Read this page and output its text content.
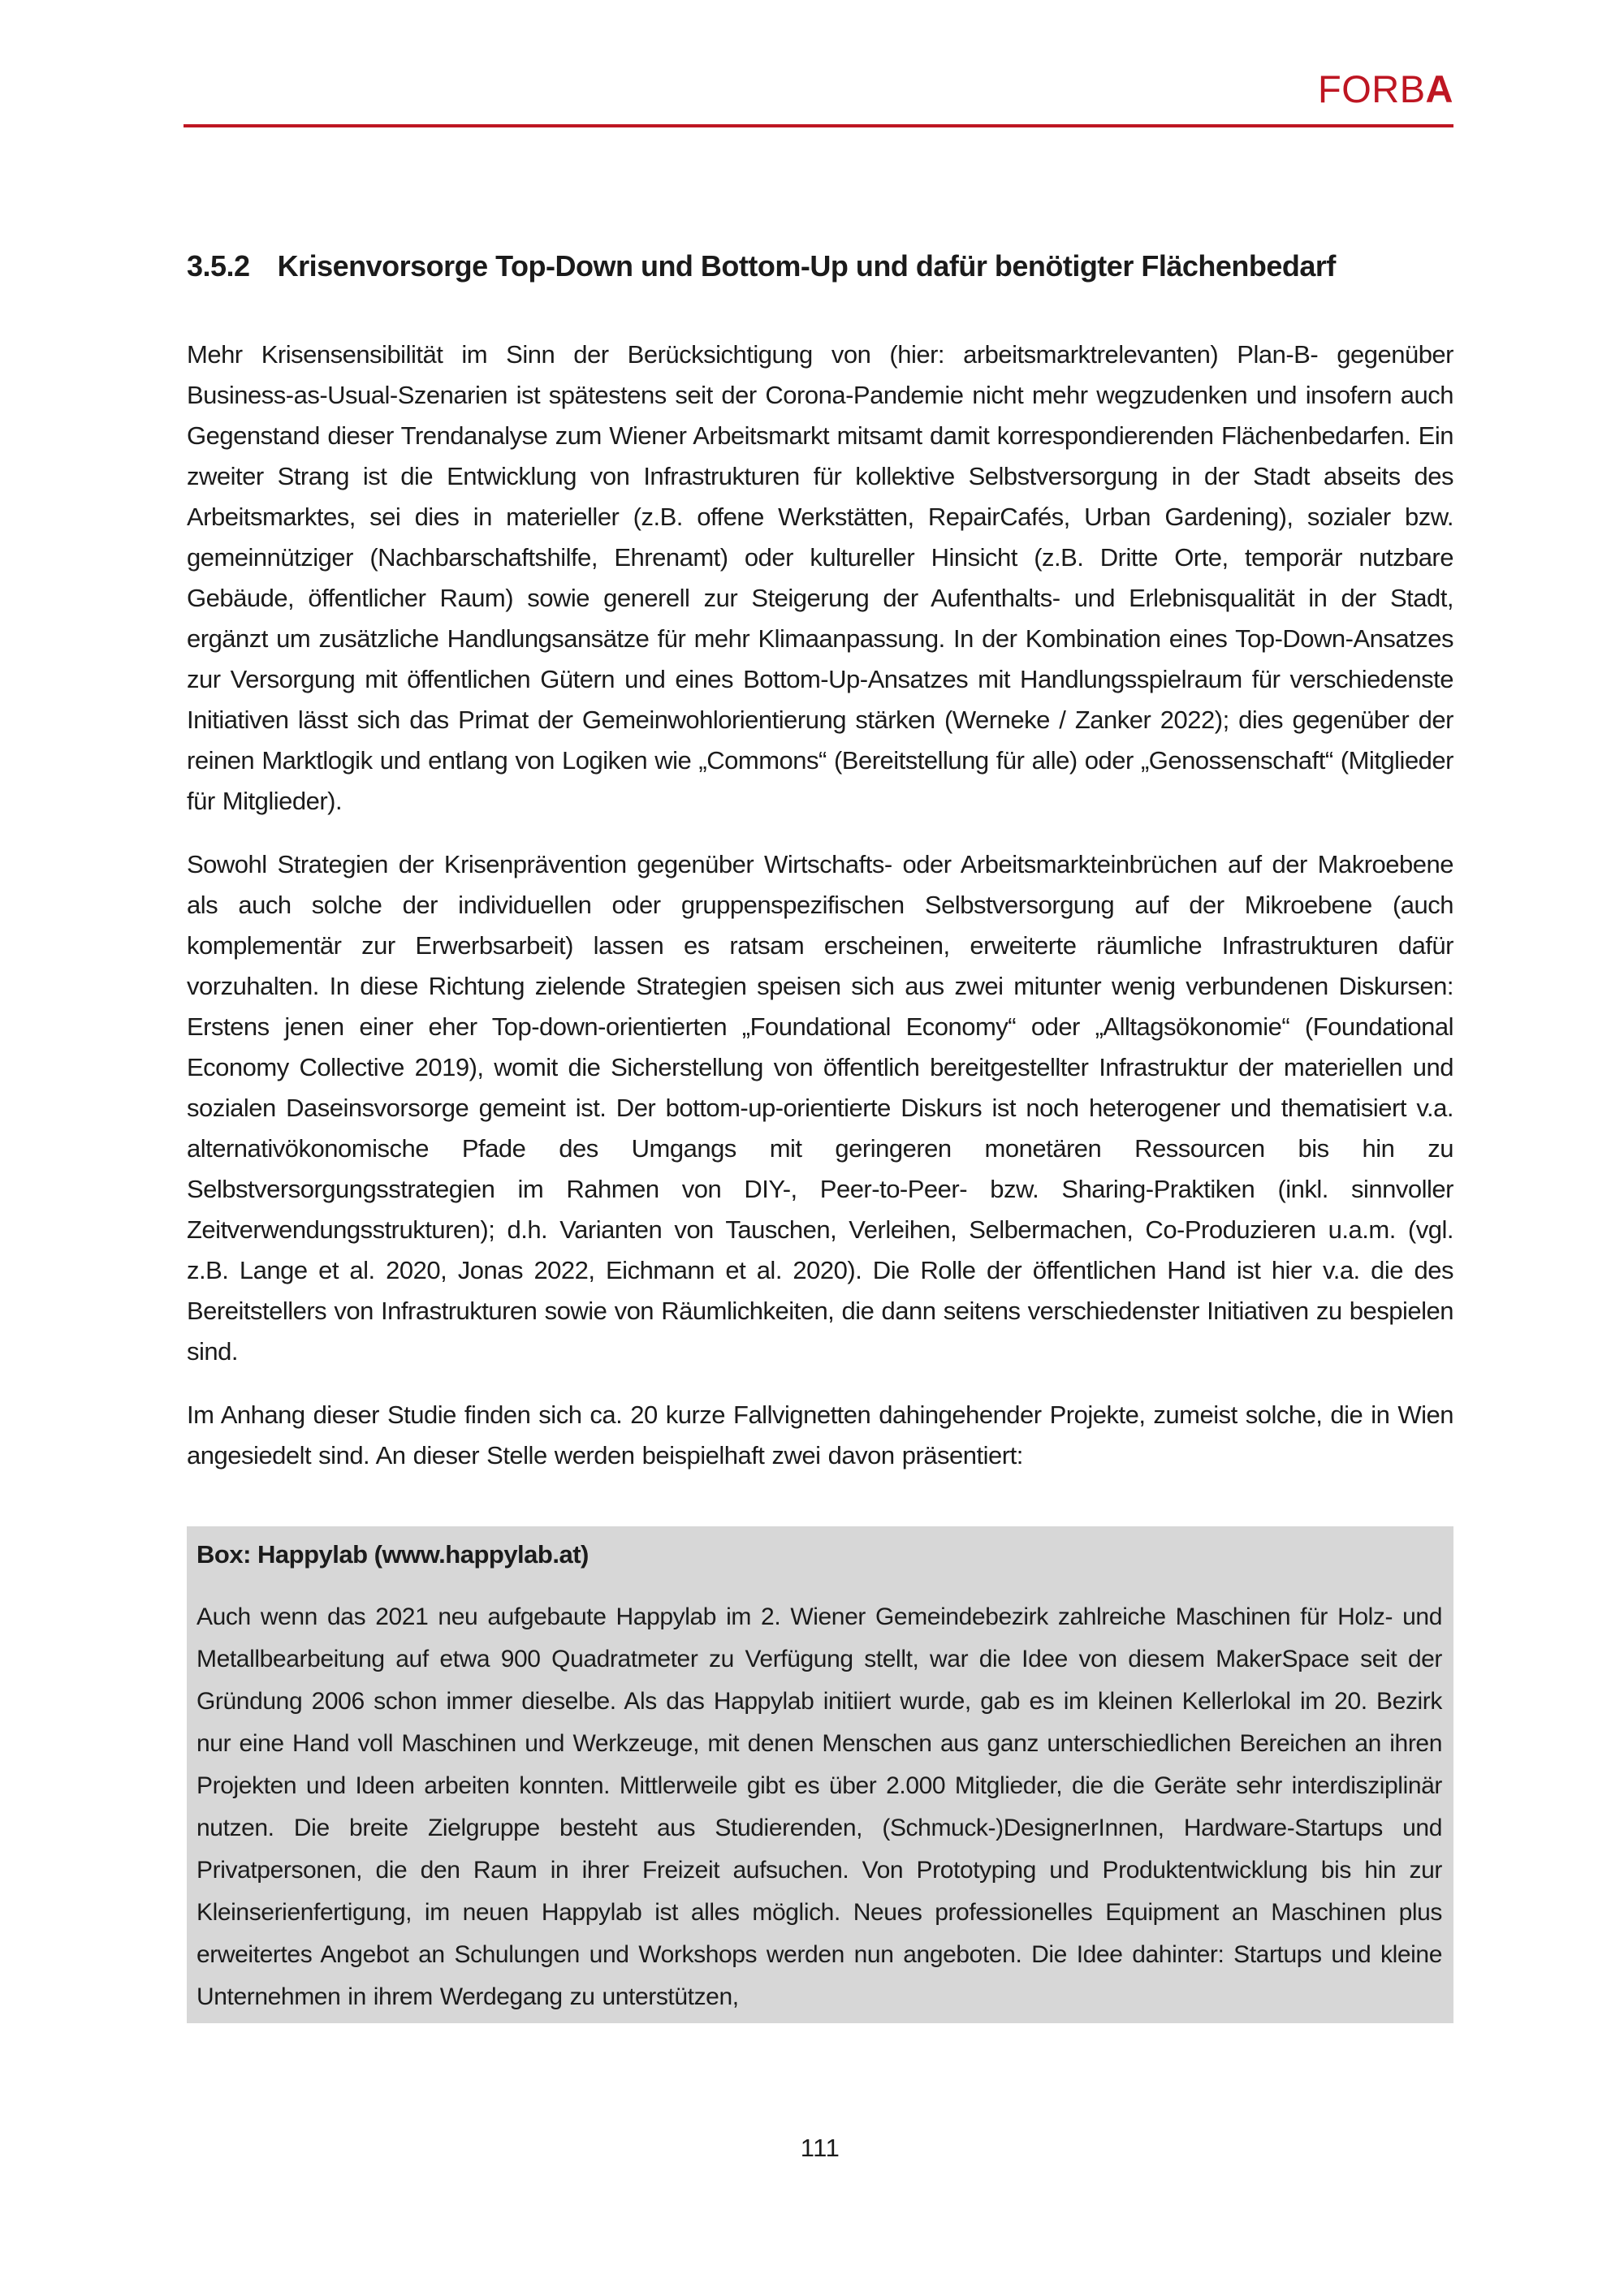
FORBA
3.5.2 Krisenvorsorge Top-Down und Bottom-Up und dafür benötigter Flächenbedarf

Mehr Krisensensibilität im Sinn der Berücksichtigung von (hier: arbeitsmarktrelevanten) Plan-B- gegenüber Business-as-Usual-Szenarien ist spätestens seit der Corona-Pandemie nicht mehr wegzudenken und insofern auch Gegenstand dieser Trendanalyse zum Wiener Arbeitsmarkt mitsamt damit korrespondierenden Flächenbedarfen. Ein zweiter Strang ist die Entwicklung von Infrastrukturen für kollektive Selbstversorgung in der Stadt abseits des Arbeitsmarktes, sei dies in materieller (z.B. offene Werkstätten, RepairCafés, Urban Gardening), sozialer bzw. gemeinnütziger (Nachbarschaftshilfe, Ehrenamt) oder kultureller Hinsicht (z.B. Dritte Orte, temporär nutzbare Gebäude, öffentlicher Raum) sowie generell zur Steigerung der Aufenthalts- und Erlebnisqualität in der Stadt, ergänzt um zusätzliche Handlungsansätze für mehr Klimaanpassung. In der Kombination eines Top-Down-Ansatzes zur Versorgung mit öffentlichen Gütern und eines Bottom-Up-Ansatzes mit Handlungsspielraum für verschiedenste Initiativen lässt sich das Primat der Gemeinwohlorientierung stärken (Werneke / Zanker 2022); dies gegenüber der reinen Marktlogik und entlang von Logiken wie „Commons“ (Bereitstellung für alle) oder „Genossenschaft“ (Mitglieder für Mitglieder).

Sowohl Strategien der Krisenprävention gegenüber Wirtschafts- oder Arbeitsmarkteinbrüchen auf der Makroebene als auch solche der individuellen oder gruppenspezifischen Selbstversorgung auf der Mikroebene (auch komplementär zur Erwerbsarbeit) lassen es ratsam erscheinen, erweiterte räumliche Infrastrukturen dafür vorzuhalten. In diese Richtung zielende Strategien speisen sich aus zwei mitunter wenig verbundenen Diskursen: Erstens jenen einer eher Top-down-orientierten „Foundational Economy“ oder „Alltagsökonomie“ (Foundational Economy Collective 2019), womit die Sicherstellung von öffentlich bereitgestellter Infrastruktur der materiellen und sozialen Daseinsvorsorge gemeint ist. Der bottom-up-orientierte Diskurs ist noch heterogener und thematisiert v.a. alternativökonomische Pfade des Umgangs mit geringeren monetären Ressourcen bis hin zu Selbstversorgungsstrategien im Rahmen von DIY-, Peer-to-Peer- bzw. Sharing-Praktiken (inkl. sinnvoller Zeitverwendungsstrukturen); d.h. Varianten von Tauschen, Verleihen, Selbermachen, Co-Produzieren u.a.m. (vgl. z.B. Lange et al. 2020, Jonas 2022, Eichmann et al. 2020). Die Rolle der öffentlichen Hand ist hier v.a. die des Bereitstellers von Infrastrukturen sowie von Räumlichkeiten, die dann seitens verschiedenster Initiativen zu bespielen sind.

Im Anhang dieser Studie finden sich ca. 20 kurze Fallvignetten dahingehender Projekte, zumeist solche, die in Wien angesiedelt sind. An dieser Stelle werden beispielhaft zwei davon präsentiert:

Box: Happylab (www.happylab.at)

Auch wenn das 2021 neu aufgebaute Happylab im 2. Wiener Gemeindebezirk zahlreiche Maschinen für Holz- und Metallbearbeitung auf etwa 900 Quadratmeter zu Verfügung stellt, war die Idee von diesem MakerSpace seit der Gründung 2006 schon immer dieselbe. Als das Happylab initiiert wurde, gab es im kleinen Kellerlokal im 20. Bezirk nur eine Hand voll Maschinen und Werkzeuge, mit denen Menschen aus ganz unterschiedlichen Bereichen an ihren Projekten und Ideen arbeiten konnten. Mittlerweile gibt es über 2.000 Mitglieder, die die Geräte sehr interdisziplinär nutzen. Die breite Zielgruppe besteht aus Studierenden, (Schmuck-)DesignerInnen, Hardware-Startups und Privatpersonen, die den Raum in ihrer Freizeit aufsuchen. Von Prototyping und Produktentwicklung bis hin zur Kleinserienfertigung, im neuen Happylab ist alles möglich. Neues professionelles Equipment an Maschinen plus erweitertes Angebot an Schulungen und Workshops werden nun angeboten. Die Idee dahinter: Startups und kleine Unternehmen in ihrem Werdegang zu unterstützen,

111
